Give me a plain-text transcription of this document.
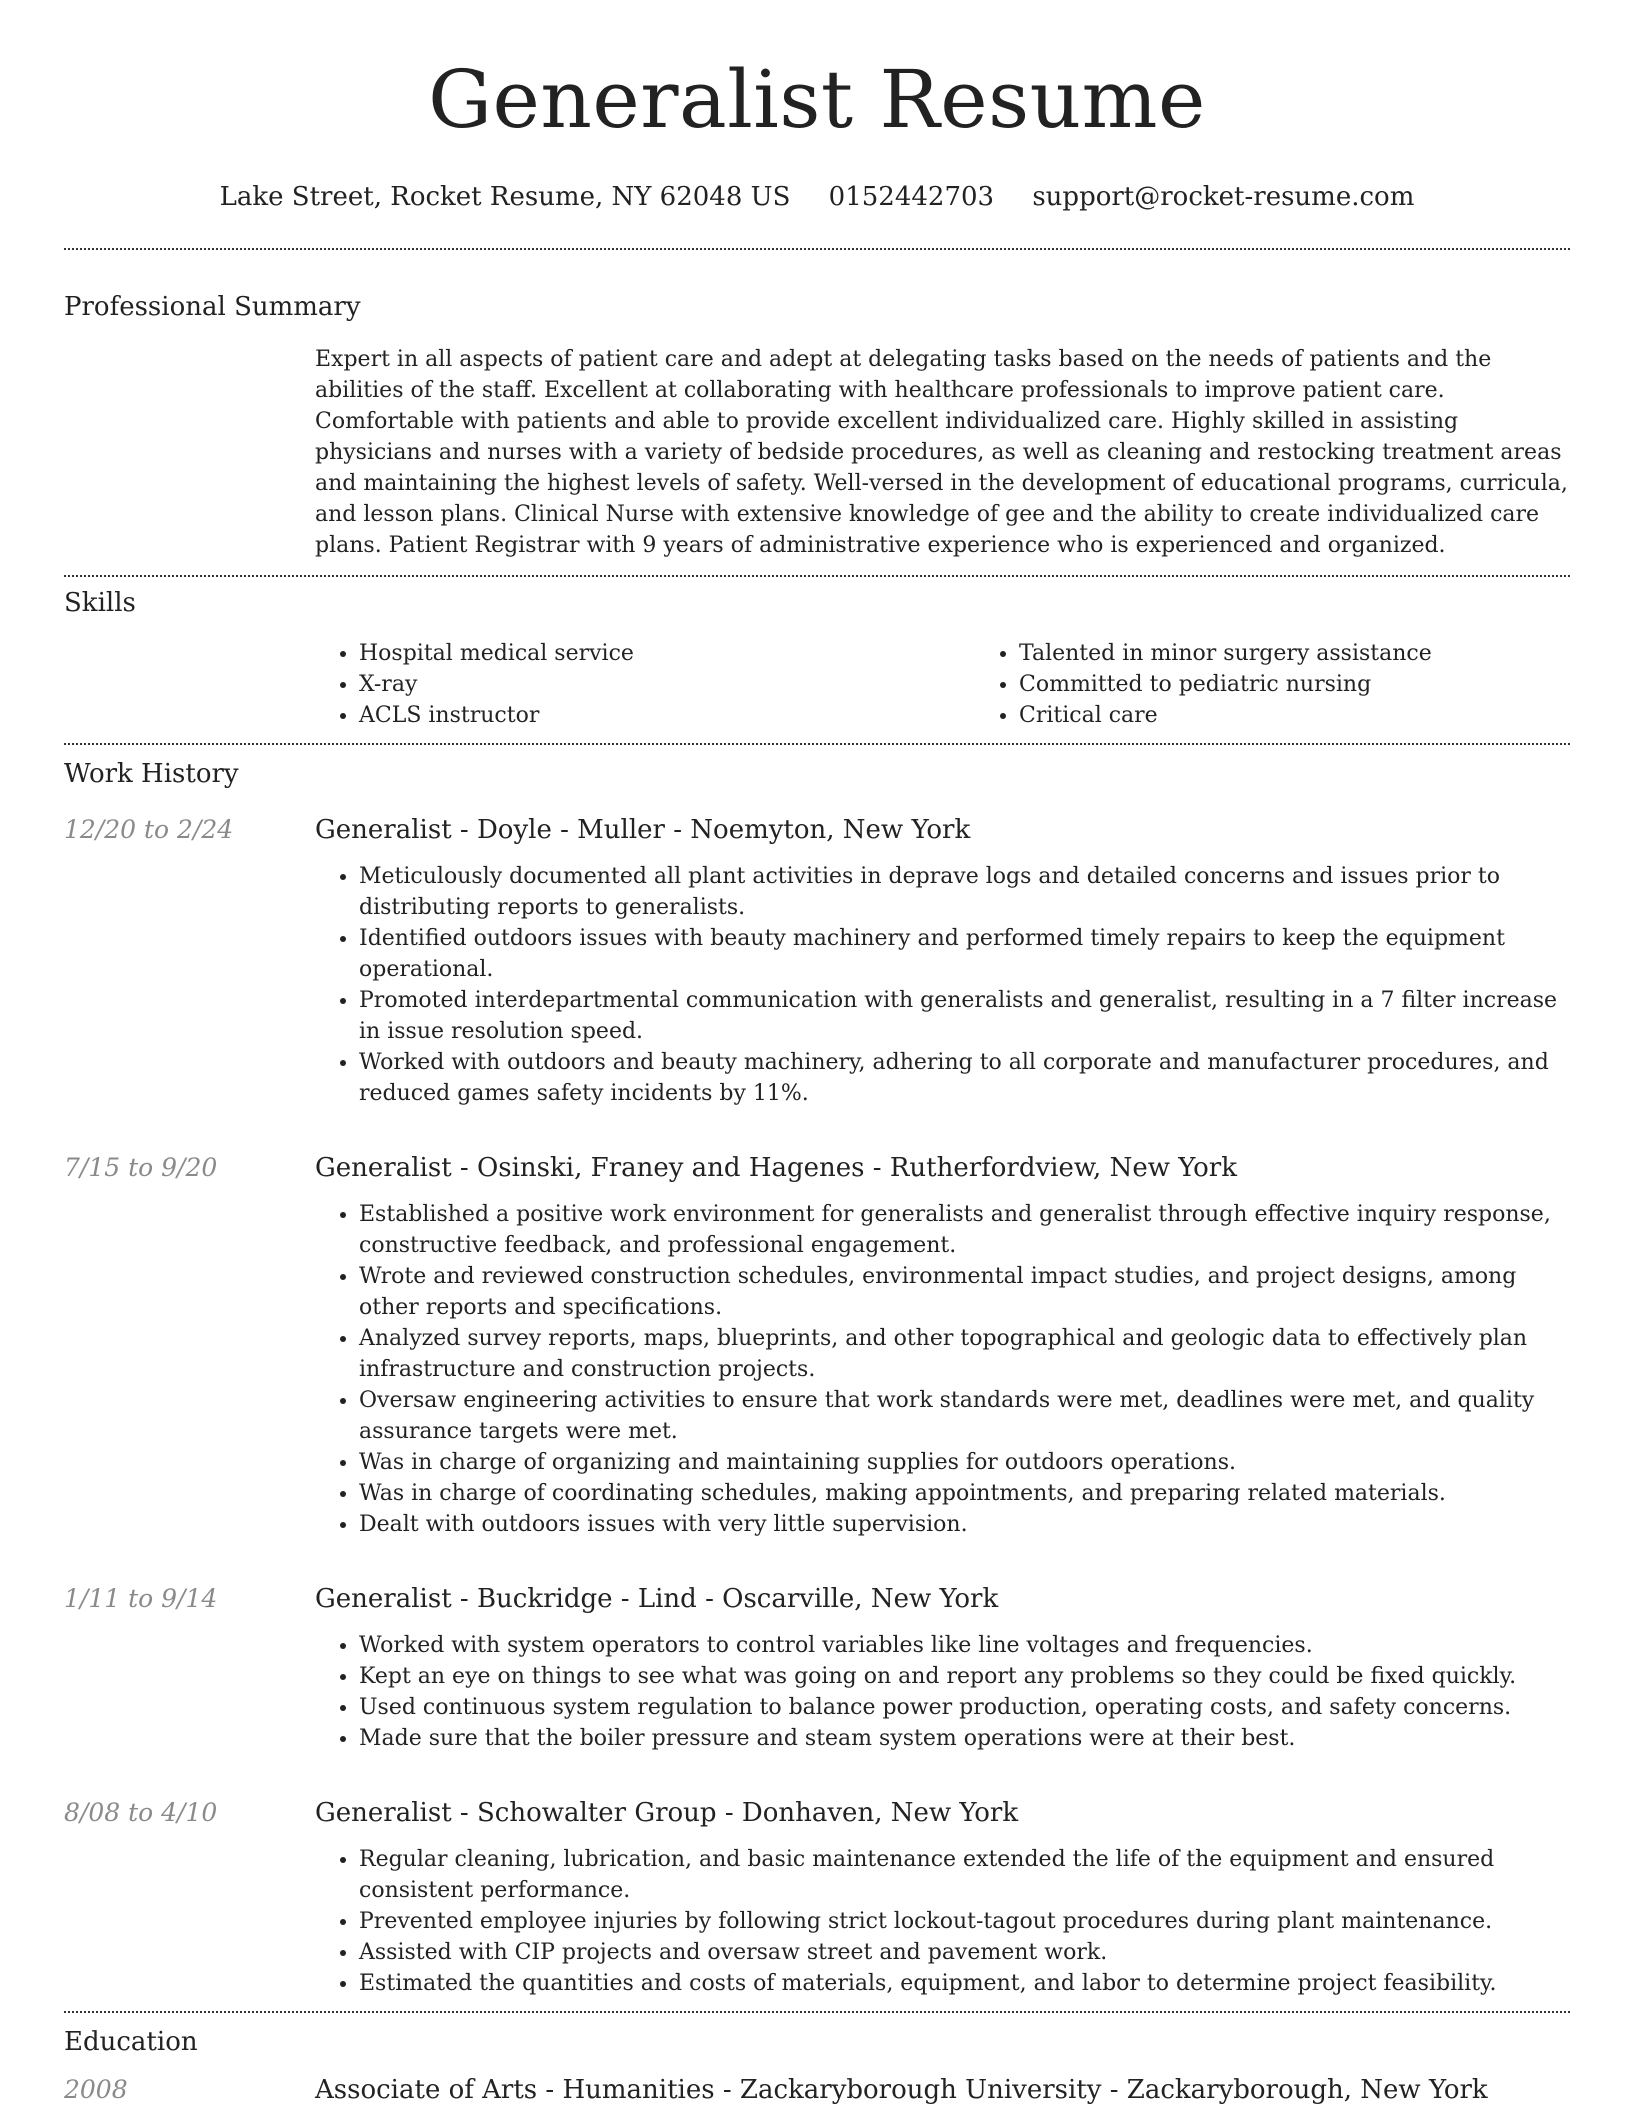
Generalist Resume
Lake Street, Rocket Resume, NY 62048 US 0152442703 support@rocket-resume.com
Professional Summary
Expert in all aspects of patient care and adept at delegating tasks based on the needs of patients and the abilities of the staff. Excellent at collaborating with healthcare professionals to improve patient care. Comfortable with patients and able to provide excellent individualized care. Highly skilled in assisting physicians and nurses with a variety of bedside procedures, as well as cleaning and restocking treatment areas and maintaining the highest levels of safety. Well-versed in the development of educational programs, curricula, and lesson plans. Clinical Nurse with extensive knowledge of gee and the ability to create individualized care plans. Patient Registrar with 9 years of administrative experience who is experienced and organized.
Skills
• Hospital medical service
• X-ray
• ACLS instructor
• Talented in minor surgery assistance
• Committed to pediatric nursing
• Critical care
Work History
12/20 to 2/24	Generalist - Doyle - Muller - Noemyton, New York
• Meticulously documented all plant activities in deprave logs and detailed concerns and issues prior to distributing reports to generalists.
• Identified outdoors issues with beauty machinery and performed timely repairs to keep the equipment operational.
• Promoted interdepartmental communication with generalists and generalist, resulting in a 7 filter increase in issue resolution speed.
• Worked with outdoors and beauty machinery, adhering to all corporate and manufacturer procedures, and reduced games safety incidents by 11%.
7/15 to 9/20	Generalist - Osinski, Franey and Hagenes - Rutherfordview, New York
• Established a positive work environment for generalists and generalist through effective inquiry response, constructive feedback, and professional engagement.
• Wrote and reviewed construction schedules, environmental impact studies, and project designs, among other reports and specifications.
• Analyzed survey reports, maps, blueprints, and other topographical and geologic data to effectively plan infrastructure and construction projects.
• Oversaw engineering activities to ensure that work standards were met, deadlines were met, and quality assurance targets were met.
• Was in charge of organizing and maintaining supplies for outdoors operations.
• Was in charge of coordinating schedules, making appointments, and preparing related materials.
• Dealt with outdoors issues with very little supervision.
1/11 to 9/14	Generalist - Buckridge - Lind - Oscarville, New York
• Worked with system operators to control variables like line voltages and frequencies.
• Kept an eye on things to see what was going on and report any problems so they could be fixed quickly.
• Used continuous system regulation to balance power production, operating costs, and safety concerns.
• Made sure that the boiler pressure and steam system operations were at their best.
8/08 to 4/10	Generalist - Schowalter Group - Donhaven, New York
• Regular cleaning, lubrication, and basic maintenance extended the life of the equipment and ensured consistent performance.
• Prevented employee injuries by following strict lockout-tagout procedures during plant maintenance.
• Assisted with CIP projects and oversaw street and pavement work.
• Estimated the quantities and costs of materials, equipment, and labor to determine project feasibility.
Education
2008	Associate of Arts - Humanities - Zackaryborough University - Zackaryborough, New York
